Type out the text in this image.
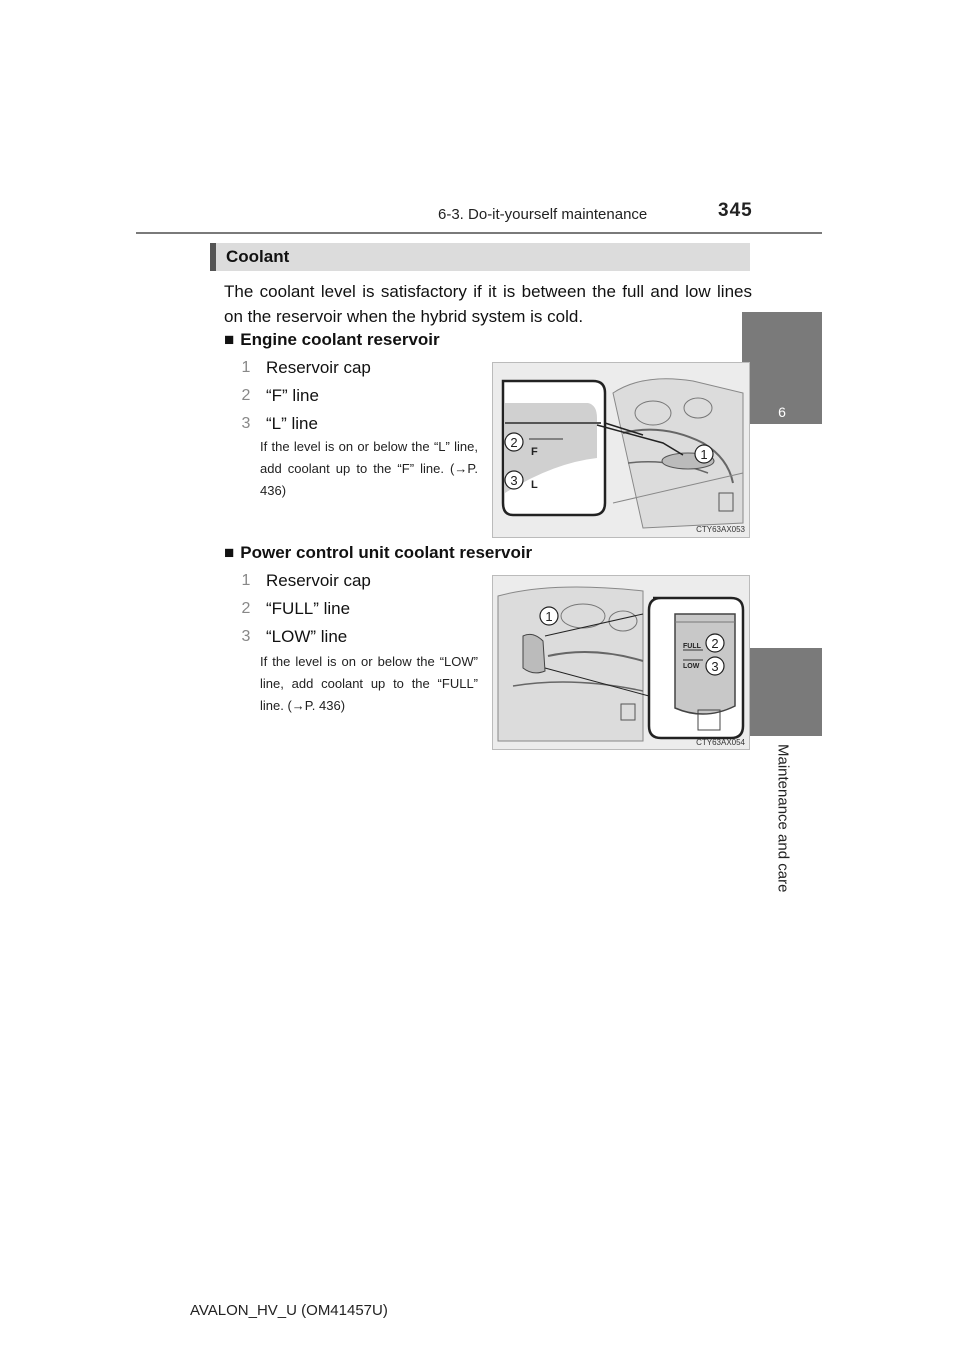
6-3. Do-it-yourself maintenance	345
6
Maintenance and care
Coolant
The coolant level is satisfactory if it is between the full and low lines on the reservoir when the hybrid system is cold.
■ Engine coolant reservoir
1 Reservoir cap
2 “F” line
3 “L” line
If the level is on or below the “L” line, add coolant up to the “F” line. (→P. 436)
F
L
2
3
1
CTY63AX053
■ Power control unit coolant reservoir
1 Reservoir cap
2 “FULL” line
3 “LOW” line
If the level is on or below the “LOW” line, add coolant up to the “FULL” line. (→P. 436)
FULL
LOW
1
2
3
CTY63AX054
AVALON_HV_U (OM41457U)
